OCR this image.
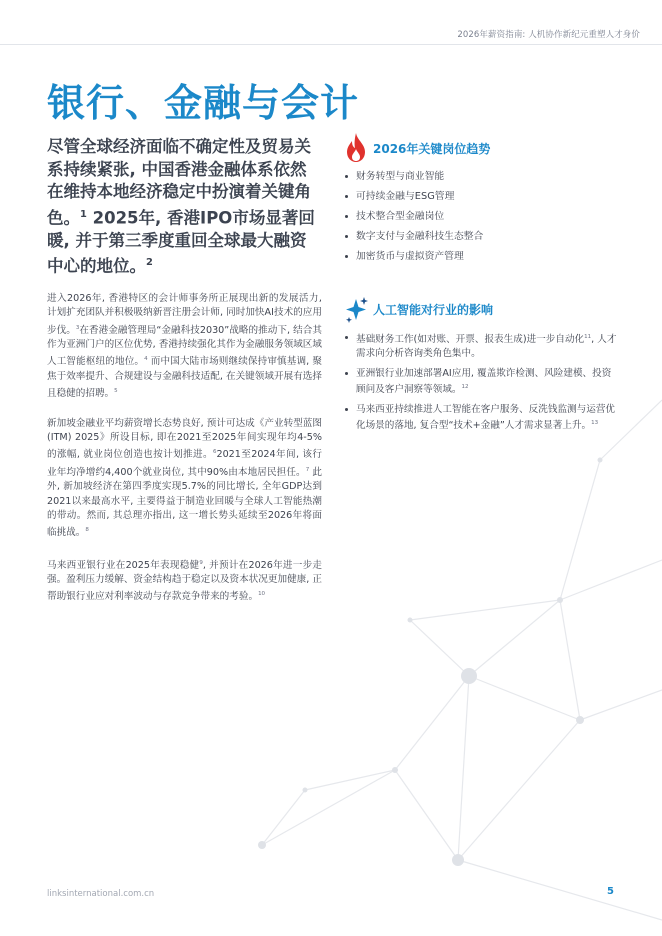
2026年薪资指南: 人机协作新纪元重塑人才身价
银行、金融与会计

尽管全球经济面临不确定性及贸易关系持续紧张, 中国香港金融体系依然在维持本地经济稳定中扮演着关键角色。$^1$ 2025年, 香港IPO市场显著回暖, 并于第三季度重回全球最大融资中心的地位。$^2$

进入2026年, 香港特区的会计师事务所正展现出新的发展活力, 计划扩充团队并积极吸纳新晋注册会计师, 同时加快AI技术的应用步伐。$^3$在香港金融管理局“金融科技2030”战略的推动下, 结合其作为亚洲门户的区位优势, 香港持续强化其作为金融服务领域区域人工智能枢纽的地位。$^4$ 而中国大陆市场则继续保持审慎基调, 聚焦于效率提升、合规建设与金融科技适配, 在关键领域开展有选择且稳健的招聘。$^5$

新加坡金融业平均薪资增长态势良好, 预计可达成《产业转型蓝图(ITM) 2025》所设目标, 即在2021至2025年间实现年均4-5%的涨幅, 就业岗位创造也按计划推进。$^6$2021至2024年间, 该行业年均净增约4,400个就业岗位, 其中90%由本地居民担任。$^7$ 此外, 新加坡经济在第四季度实现5.7%的同比增长, 全年GDP达到2021以来最高水平, 主要得益于制造业回暖与全球人工智能热潮的带动。然而, 其总理亦指出, 这一增长势头延续至2026年将面临挑战。$^8$

马来西亚银行业在2025年表现稳健$^9$, 并预计在2026年进一步走强。盈利压力缓解、资金结构趋于稳定以及资本状况更加健康, 正帮助银行业应对利率波动与存款竞争带来的考验。$^{10}$

2026年关键岗位趋势
财务转型与商业智能
可持续金融与ESG管理
技术整合型金融岗位
数字支付与金融科技生态整合
加密货币与虚拟资产管理
人工智能对行业的影响
基础财务工作(如对账、开票、报表生成)进一步自动化$^{11}$, 人才需求向分析咨询类角色集中。
亚洲银行业加速部署AI应用, 覆盖欺诈检测、风险建模、投资顾问及客户洞察等领域。$^{12}$
马来西亚持续推进人工智能在客户服务、反洗钱监测与运营优化场景的落地, 复合型“技术+金融”人才需求显著上升。$^{13}$
linksinternational.com.cn	5
